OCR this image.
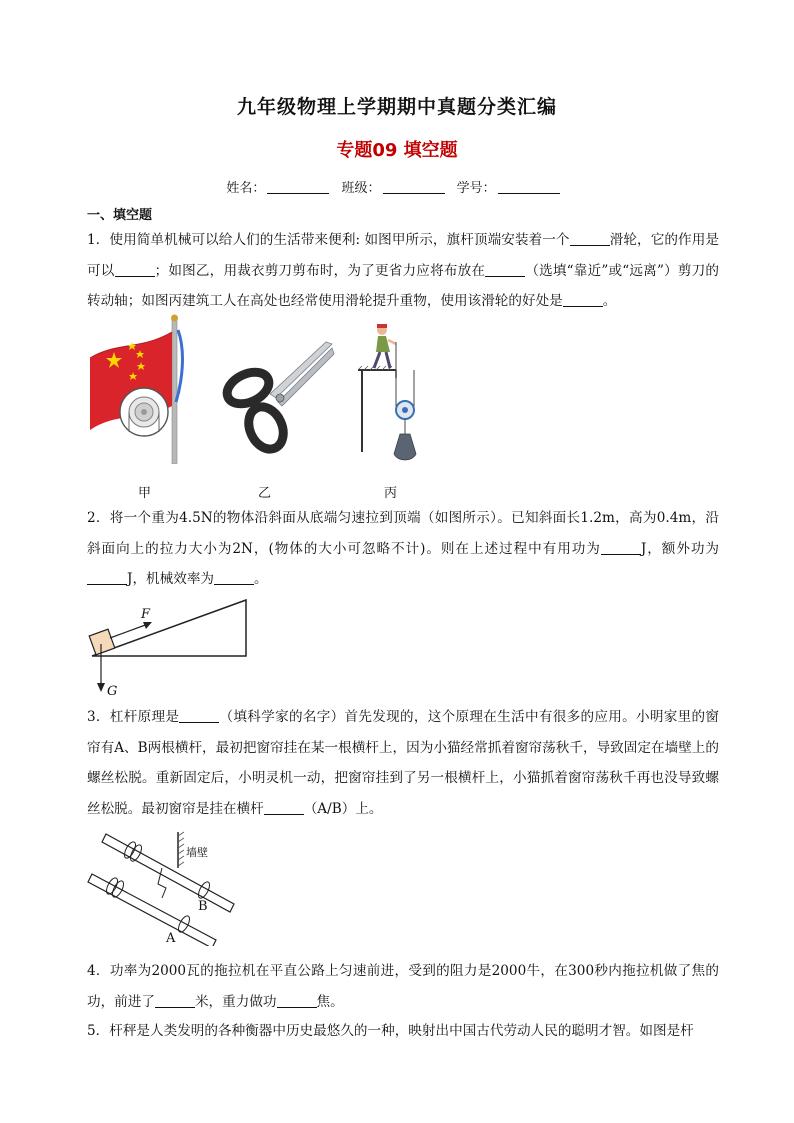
九年级物理上学期期中真题分类汇编
专题09 填空题
姓名：	班级：	学号：
一、填空题
1．使用简单机械可以给人们的生活带来便利: 如图甲所示，旗杆顶端安装着一个	滑轮，它的作用是可以	；如图乙，用裁衣剪刀剪布时，为了更省力应将布放在	（选填“靠近”或“远离”）剪刀的转动轴；如图丙建筑工人在高处也经常使用滑轮提升重物，使用该滑轮的好处是	。
甲	乙	丙
2．将一个重为4.5N的物体沿斜面从底端匀速拉到顶端（如图所示）。已知斜面长1.2m，高为0.4m，沿斜面向上的拉力大小为2N，(物体的大小可忽略不计)。则在上述过程中有用功为	J，额外功为J，机械效率为	。
F
G
3．杠杆原理是	（填科学家的名字）首先发现的，这个原理在生活中有很多的应用。小明家里的窗帘有A、B两根横杆，最初把窗帘挂在某一根横杆上，因为小猫经常抓着窗帘荡秋千，导致固定在墙壁上的螺丝松脱。重新固定后，小明灵机一动，把窗帘挂到了另一根横杆上，小猫抓着窗帘荡秋千再也没导致螺丝松脱。最初窗帘是挂在横杆	（A/B）上。
墙壁
B
A
4．功率为2000瓦的拖拉机在平直公路上匀速前进，受到的阻力是2000牛，在300秒内拖拉机做了焦的功，前进了	米，重力做功	焦。
5．杆秤是人类发明的各种衡器中历史最悠久的一种，映射出中国古代劳动人民的聪明才智。如图是杆
